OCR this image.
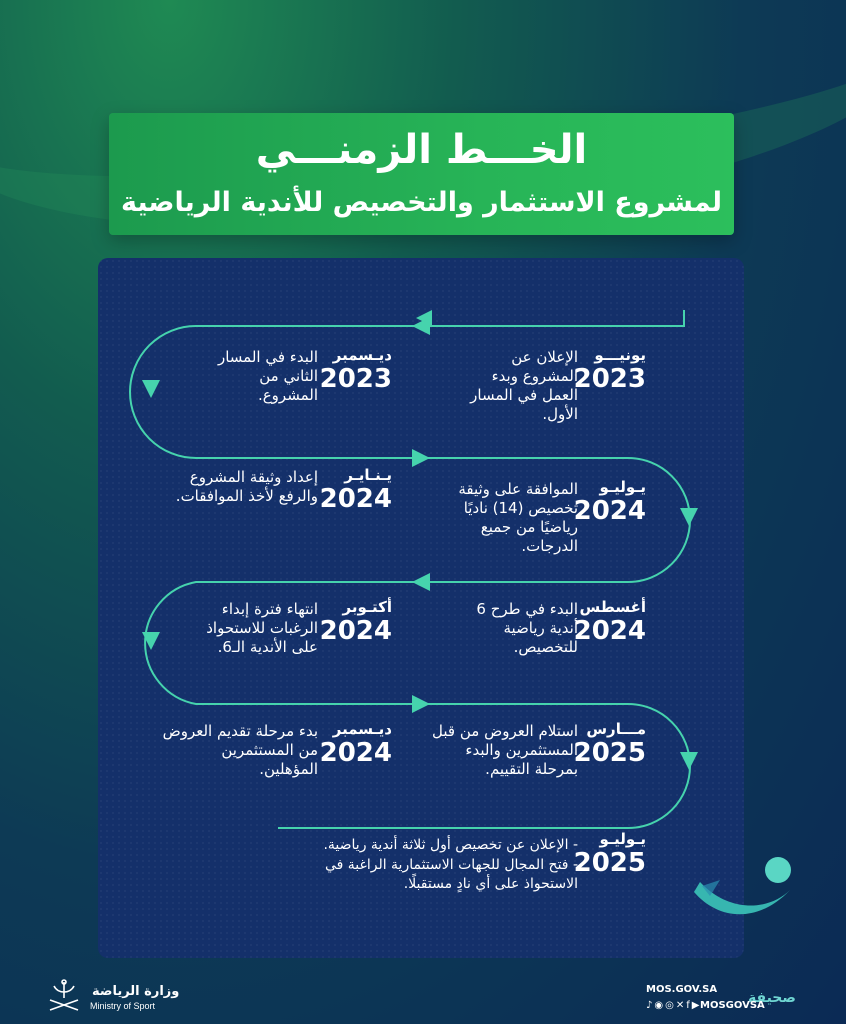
الخـــط الزمنـــي
لمشروع الاستثمار والتخصيص للأندية الرياضية
يونيـــو
2023
الإعلان عن المشروع وبدء العمل في المسار الأول.
ديـسمبر
2023
البدء في المسار الثاني من المشروع.
يـوليـو
2024
الموافقة على وثيقة تخصيص (14) ناديًا رياضيًا من جميع الدرجات.
يـنـايـر
2024
إعداد وثيقة المشروع والرفع لأخذ الموافقات.
أغسطس
2024
البدء في طرح 6 أندية رياضية للتخصيص.
أكتـوبر
2024
انتهاء فترة إبداء الرغبات للاستحواذ على الأندية الـ6.
مـــارس
2025
استلام العروض من قبل المستثمرين والبدء بمرحلة التقييم.
ديـسمبر
2024
بدء مرحلة تقديم العروض من المستثمرين المؤهلين.
يـوليـو
2025
- الإعلان عن تخصيص أول ثلاثة أندية رياضية.
- فتح المجال للجهات الاستثمارية الراغبة في الاستحواذ على أي نادٍ مستقبلًا.
صحيفة
وزارة الرياضة
Ministry of Sport
MOS.GOV.SA
♪◉◎✕f▶
MOSGOVSA
